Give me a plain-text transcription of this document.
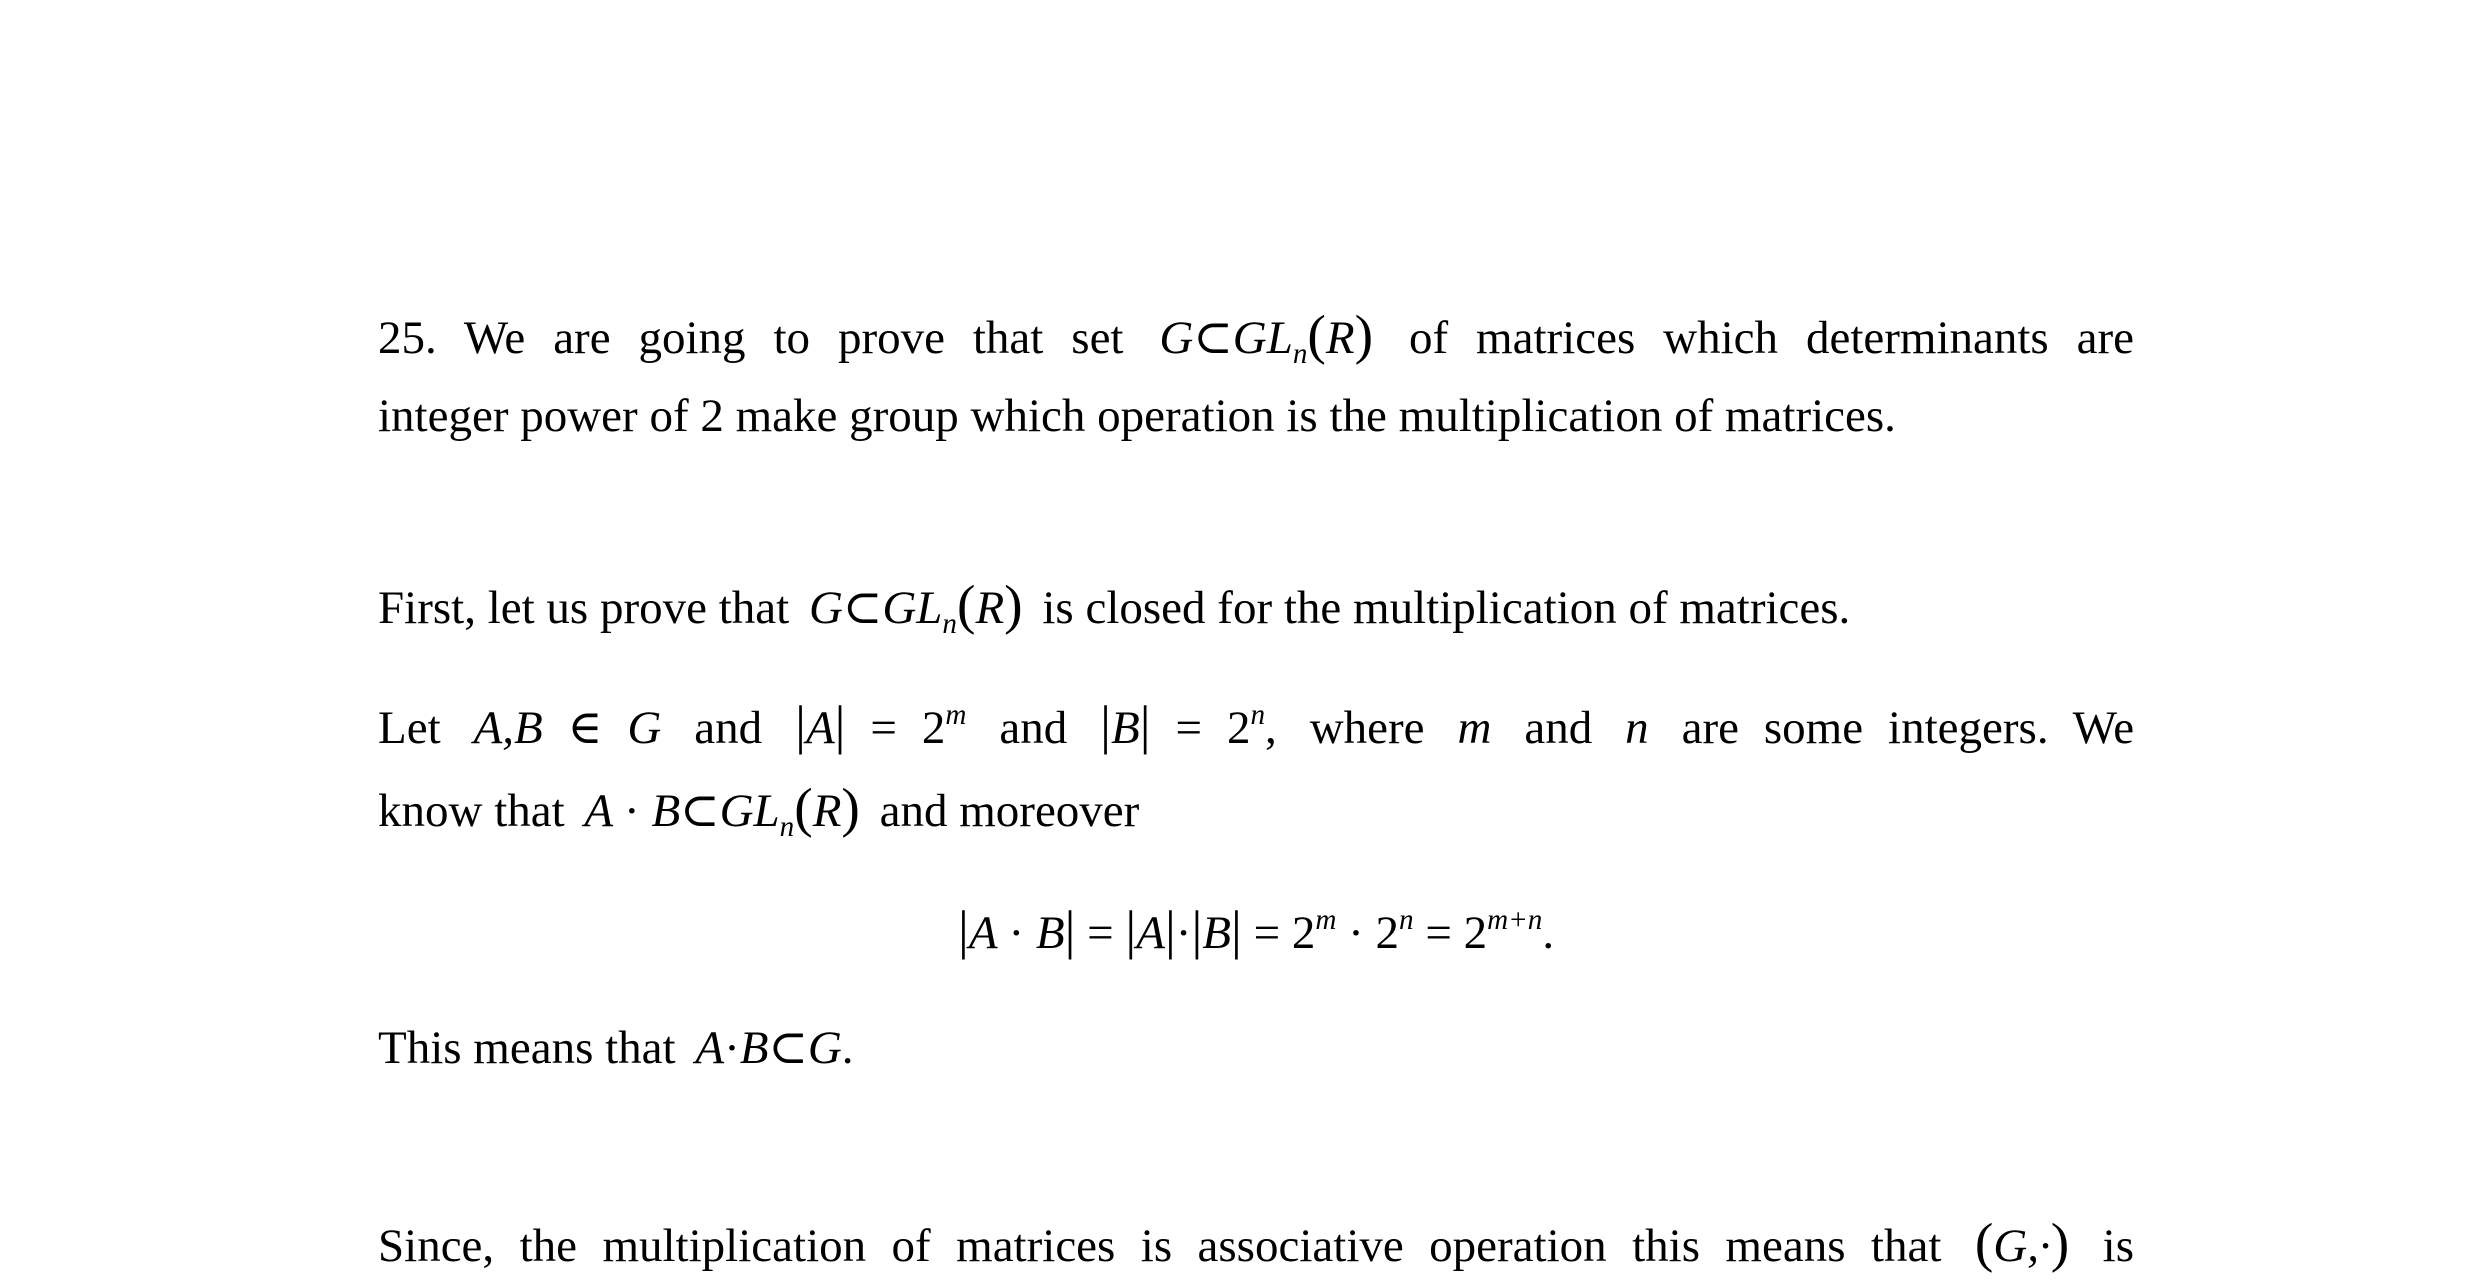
25. We are going to prove that set $G\subset GL_n(R)$ of matrices which determinants are
integer power of 2 make group which operation is the multiplication of matrices.
First, let us prove that $G\subset GL_n(R)$ is closed for the multiplication of matrices.
Let A,B ∈ G and $|A| = 2^m$ and $|B| = 2^n$, where m and n are some integers. We
know that $A \cdot B\subset GL_n(R)$ and moreover
$|A \cdot B| = |A|\cdot|B| = 2^m \cdot 2^n = 2^{m+n}$.
This means that A·B⊂G.
Since, the multiplication of matrices is associative operation this means that (G,·) is
